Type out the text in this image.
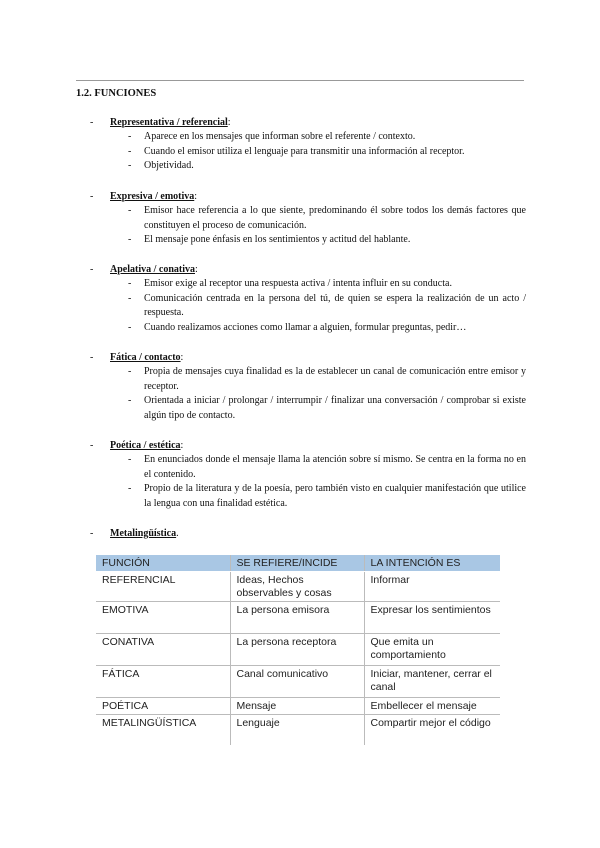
1.2. FUNCIONES
- Representativa / referencial:
- Aparece en los mensajes que informan sobre el referente / contexto.
- Cuando el emisor utiliza el lenguaje para transmitir una información al receptor.
- Objetividad.
- Expresiva / emotiva:
- Emisor hace referencia a lo que siente, predominando él sobre todos los demás factores que constituyen el proceso de comunicación.
- El mensaje pone énfasis en los sentimientos y actitud del hablante.
- Apelativa / conativa:
- Emisor exige al receptor una respuesta activa / intenta influir en su conducta.
- Comunicación centrada en la persona del tú, de quien se espera la realización de un acto / respuesta.
- Cuando realizamos acciones como llamar a alguien, formular preguntas, pedir…
- Fática / contacto:
- Propia de mensajes cuya finalidad es la de establecer un canal de comunicación entre emisor y receptor.
- Orientada a iniciar / prolongar / interrumpir / finalizar una conversación / comprobar si existe algún tipo de contacto.
- Poética / estética:
- En enunciados donde el mensaje llama la atención sobre sí mismo. Se centra en la forma no en el contenido.
- Propio de la literatura y de la poesía, pero también visto en cualquier manifestación que utilice la lengua con una finalidad estética.
- Metalingüística.
FUNCIÓN	SE REFIERE/INCIDE	LA INTENCIÓN ES
REFERENCIAL	Ideas, Hechos observables y cosas	Informar
EMOTIVA	La persona emisora	Expresar los sentimientos
CONATIVA	La persona receptora	Que emita un comportamiento
FÁTICA	Canal comunicativo	Iniciar, mantener, cerrar el canal
POÉTICA	Mensaje	Embellecer el mensaje
METALINGÜÍSTICA	Lenguaje	Compartir mejor el código
